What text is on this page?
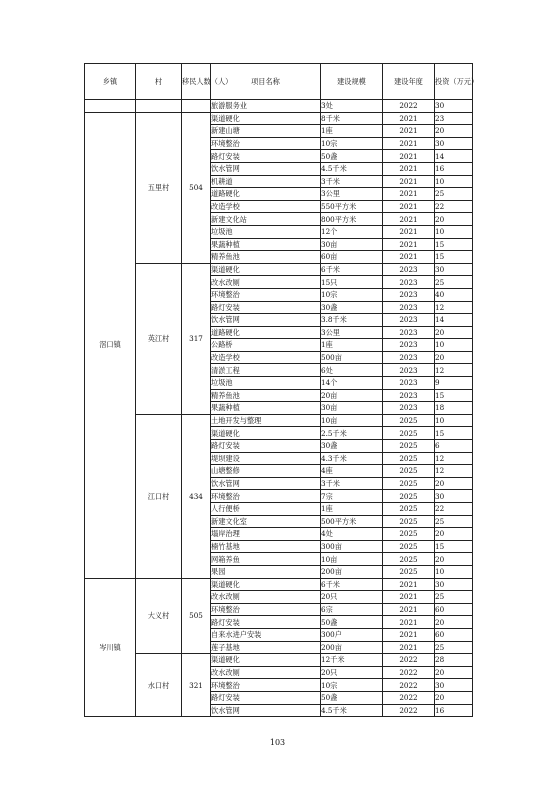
乡镇	村	移民人数（人）	项目名称	建设规模	建设年度	投资（万元）
			旅游服务业	3处	2022	30
滘口镇	五里村	504	渠道硬化	8千米	2021	23
			新建山塘	1座	2021	20
			环境整治	10宗	2021	30
			路灯安装	50盏	2021	14
			饮水管网	4.5千米	2021	16
			机耕道	3千米	2021	10
			道路硬化	3公里	2021	25
			改造学校	550平方米	2021	22
			新建文化站	800平方米	2021	20
			垃圾池	12个	2021	10
			果蔬种植	30亩	2021	15
			精养鱼池	60亩	2021	15
	英江村	317	渠道硬化	6千米	2023	30
			改水改厕	15只	2023	25
			环境整治	10宗	2023	40
			路灯安装	30盏	2023	12
			饮水管网	3.8千米	2023	14
			道路硬化	3公里	2023	20
			公路桥	1座	2023	10
			改造学校	500亩	2023	20
			清淤工程	6处	2023	12
			垃圾池	14个	2023	9
			精养鱼池	20亩	2023	15
			果蔬种植	30亩	2023	18
	江口村	434	土地开发与整理	10亩	2025	10
			渠道硬化	2.5千米	2025	15
			路灯安装	30盏	2025	6
			堤坝建设	4.3千米	2025	12
			山塘整修	4座	2025	12
			饮水管网	3千米	2025	20
			环境整治	7宗	2025	30
			人行便桥	1座	2025	22
			新建文化室	500平方米	2025	25
			塌岸治理	4处	2025	20
			楠竹基地	300亩	2025	15
			网箱养鱼	10亩	2025	20
			果园	200亩	2025	10
岑川镇	大义村	505	渠道硬化	6千米	2021	30
			改水改厕	20只	2021	25
			环境整治	6宗	2021	60
			路灯安装	50盏	2021	20
			自来水进户安装	300户	2021	60
			莲子基地	200亩	2021	25
	水口村	321	渠道硬化	12千米	2022	28
			改水改厕	20只	2022	20
			环境整治	10宗	2022	30
			路灯安装	50盏	2022	20
			饮水管网	4.5千米	2022	16
103
